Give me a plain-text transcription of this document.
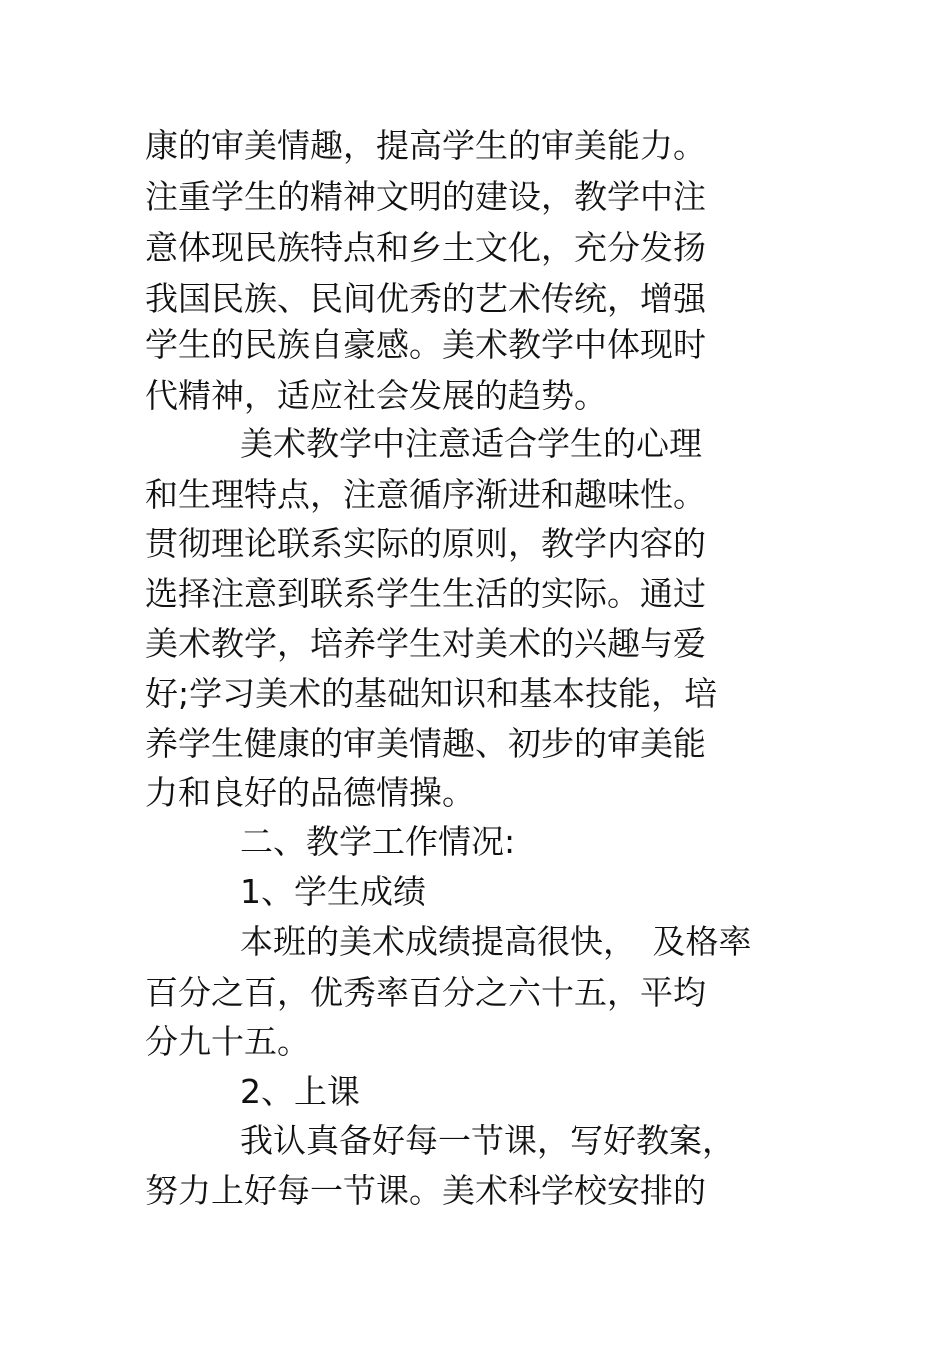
康的审美情趣，提高学生的审美能力。
注重学生的精神文明的建设，教学中注
意体现民族特点和乡土文化，充分发扬
我国民族、民间优秀的艺术传统，增强
学生的民族自豪感。美术教学中体现时
代精神，适应社会发展的趋势。
美术教学中注意适合学生的心理
和生理特点，注意循序渐进和趣味性。
贯彻理论联系实际的原则，教学内容的
选择注意到联系学生生活的实际。通过
美术教学，培养学生对美术的兴趣与爱
好;学习美术的基础知识和基本技能，培
养学生健康的审美情趣、初步的审美能
力和良好的品德情操。
二、教学工作情况:
1、学生成绩
本班的美术成绩提高很快，　及格率
百分之百，优秀率百分之六十五，平均
分九十五。
2、上课
我认真备好每一节课，写好教案，
努力上好每一节课。美术科学校安排的
